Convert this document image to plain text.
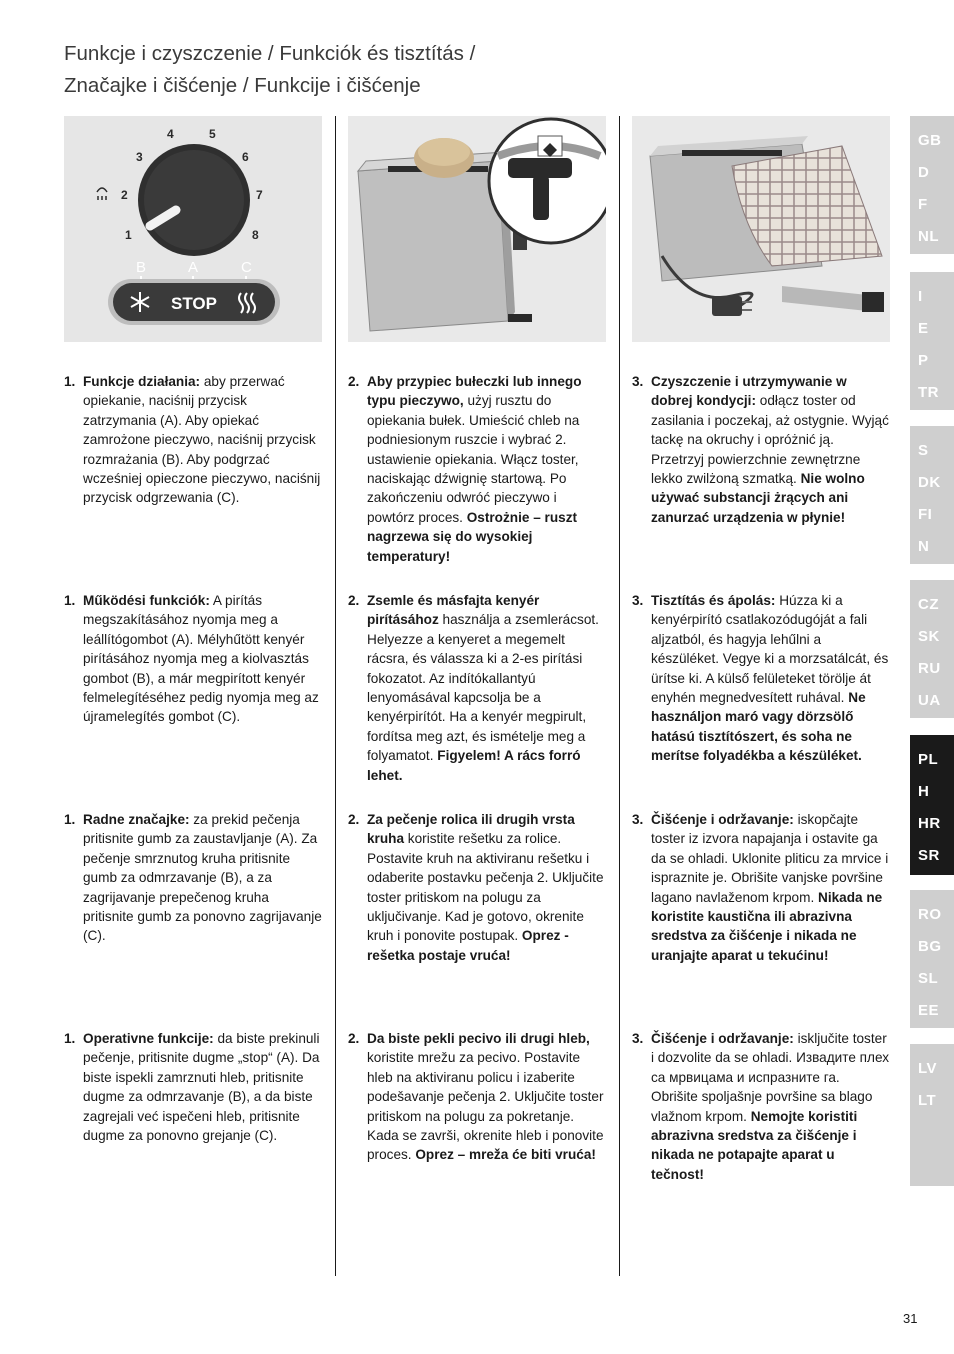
Funkcje i czyszczenie / Funkciók és tisztítás /
Značajke i čišćenje / Funkcije i čišćenje
1
2
3
4	5
6
7
8
B	A	C
STOP
1. Funkcje działania: aby przerwać opiekanie, naciśnij przycisk zatrzymania (A). Aby opiekać zamrożone pieczywo, naciśnij przycisk rozmrażania (B). Aby podgrzać wcześniej opieczone pieczywo, naciśnij przycisk odgrzewania (C).
2. Aby przypiec bułeczki lub innego typu pieczywo, użyj rusztu do opiekania bułek. Umieścić chleb na podniesionym ruszcie i wybrać 2. ustawienie opiekania. Włącz toster, naciskając dźwignię startową. Po zakończeniu odwróć pieczywo i powtórz proces. Ostrożnie – ruszt nagrzewa się do wysokiej temperatury!
3. Czyszczenie i utrzymywanie w dobrej kondycji: odłącz toster od zasilania i poczekaj, aż ostygnie. Wyjąć tackę na okruchy i opróżnić ją. Przetrzyj powierzchnie zewnętrzne lekko zwilżoną szmatką. Nie wolno używać substancji żrących ani zanurzać urządzenia w płynie!
1. Működési funkciók: A pirítás megszakításához nyomja meg a leállítógombot (A). Mélyhűtött kenyér pirításához nyomja meg a kiolvasztás gombot (B), a már megpirított kenyér felmelegítéséhez pedig nyomja meg az újramelegítés gombot (C).
2. Zsemle és másfajta kenyér pirításához használja a zsemlerácsot. Helyezze a kenyeret a megemelt rácsra, és válassza ki a 2-es pirítási fokozatot. Az indítókallantyú lenyomásával kapcsolja be a kenyérpirítót. Ha a kenyér megpirult, fordítsa meg azt, és ismételje meg a folyamatot. Figyelem! A rács forró lehet.
3. Tisztítás és ápolás: Húzza ki a kenyérpirító csatlakozódugóját a fali aljzatból, és hagyja lehűlni a készüléket. Vegye ki a morzsatálcát, és ürítse ki. A külső felületeket törölje át enyhén megnedvesített ruhával. Ne használjon maró vagy dörzsölő hatású tisztítószert, és soha ne merítse folyadékba a készüléket.
1. Radne značajke: za prekid pečenja pritisnite gumb za zaustavljanje (A). Za pečenje smrznutog kruha pritisnite gumb za odmrzavanje (B), a za zagrijavanje prepečenog kruha pritisnite gumb za ponovno zagrijavanje (C).
2. Za pečenje rolica ili drugih vrsta kruha koristite rešetku za rolice. Postavite kruh na aktiviranu rešetku i odaberite postavku pečenja 2. Uključite toster pritiskom na polugu za uključivanje. Kad je gotovo, okrenite kruh i ponovite postupak. Oprez - rešetka postaje vruća!
3. Čišćenje i održavanje: iskopčajte toster iz izvora napajanja i ostavite ga da se ohladi. Uklonite pliticu za mrvice i ispraznite je. Obrišite vanjske površine lagano navlaženom krpom. Nikada ne koristite kaustična ili abrazivna sredstva za čišćenje i nikada ne uranjajte aparat u tekućinu!
1. Operativne funkcije: da biste prekinuli pečenje, pritisnite dugme „stop“ (A). Da biste ispekli zamrznuti hleb, pritisnite dugme za odmrzavanje (B), a da biste zagrejali već ispečeni hleb, pritisnite dugme za ponovno grejanje (C).
2. Da biste pekli pecivo ili drugi hleb, koristite mrežu za pecivo. Postavite hleb na aktiviranu policu i izaberite podešavanje pečenja 2. Uključite toster pritiskom na polugu za pokretanje. Kada se završi, okrenite hleb i ponovite proces. Oprez – mreža će biti vruća!
3. Čišćenje i održavanje: isključite toster i dozvolite da se ohladi. Извадите плех са мрвицама и испразните га. Obrišite spoljašnje površine sa blago vlažnom krpom. Nemojte koristiti abrazivna sredstva za čišćenje i nikada ne potapajte aparat u tečnost!
GB
D
F
NL
I
E
P
TR
S
DK
FI
N
CZ
SK
RU
UA
PL
H
HR
SR
RO
BG
SL
EE
LV
LT
31
